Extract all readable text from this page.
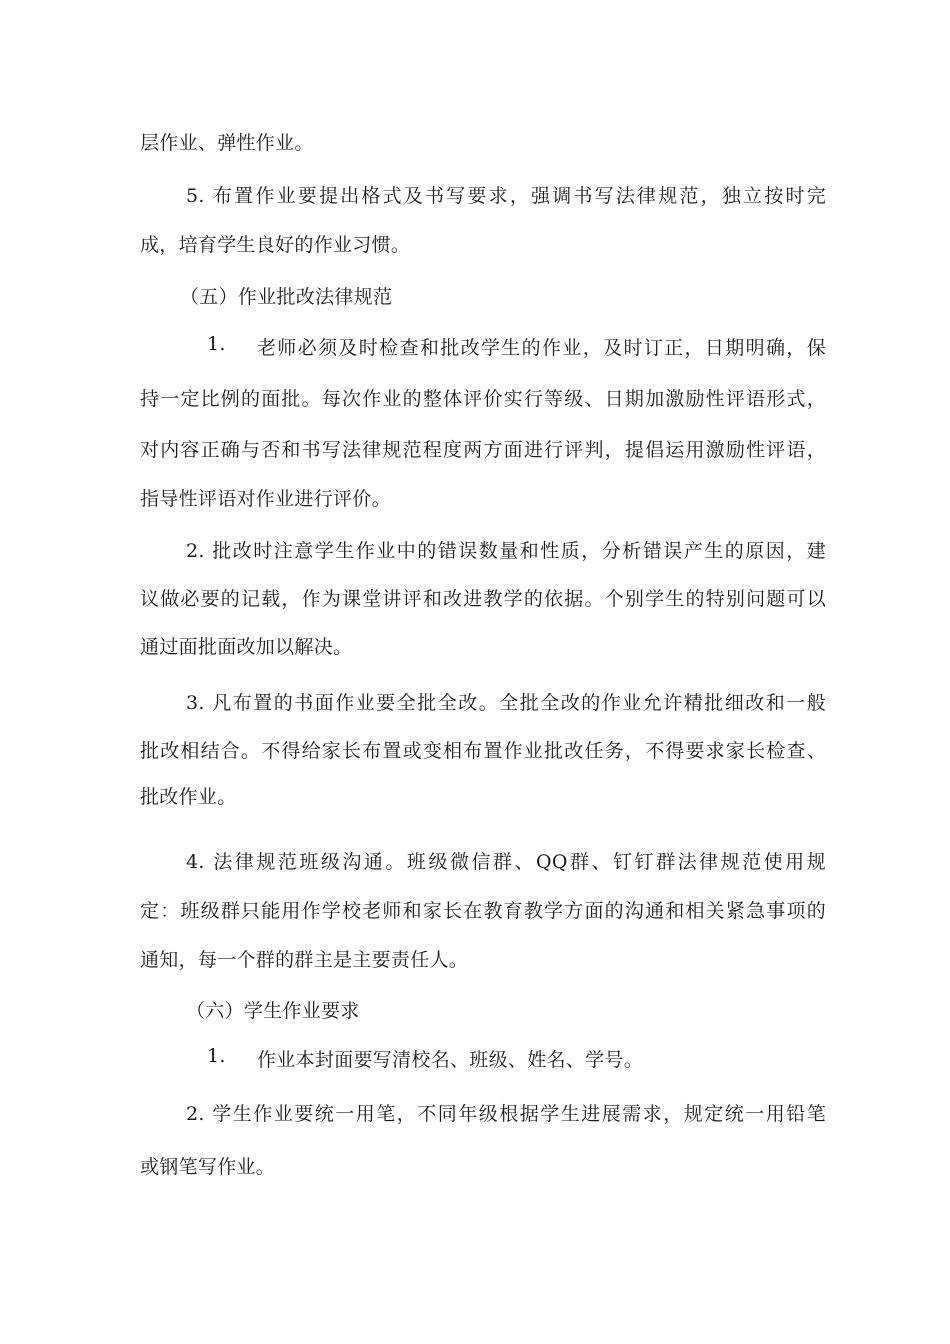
层作业、弹性作业。
5. 布置作业要提出格式及书写要求，强调书写法律规范，独立按时完
成，培育学生良好的作业习惯。
（五）作业批改法律规范
1.	老师必须及时检查和批改学生的作业，及时订正，日期明确，保
持一定比例的面批。每次作业的整体评价实行等级、日期加激励性评语形式，
对内容正确与否和书写法律规范程度两方面进行评判，提倡运用激励性评语，
指导性评语对作业进行评价。
2. 批改时注意学生作业中的错误数量和性质，分析错误产生的原因，建
议做必要的记载，作为课堂讲评和改进教学的依据。个别学生的特别问题可以
通过面批面改加以解决。
3. 凡布置的书面作业要全批全改。全批全改的作业允许精批细改和一般
批改相结合。不得给家长布置或变相布置作业批改任务，不得要求家长检查、
批改作业。
4. 法律规范班级沟通。班级微信群、QQ群、钉钉群法律规范使用规
定：班级群只能用作学校老师和家长在教育教学方面的沟通和相关紧急事项的
通知，每一个群的群主是主要责任人。
（六）学生作业要求
1.	作业本封面要写清校名、班级、姓名、学号。
2. 学生作业要统一用笔，不同年级根据学生进展需求，规定统一用铅笔
或钢笔写作业。
